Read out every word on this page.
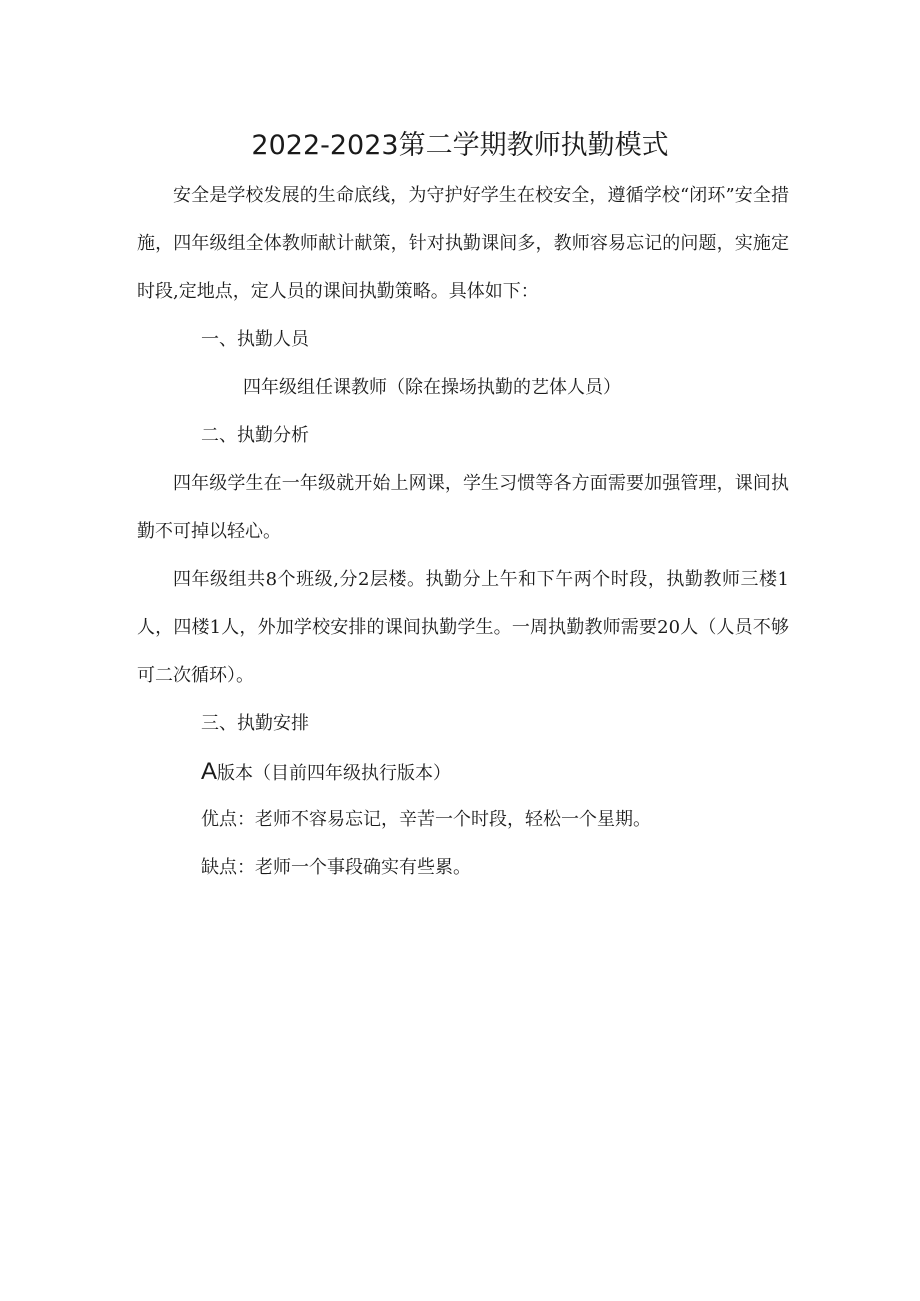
2022-2023第二学期教师执勤模式

安全是学校发展的生命底线，为守护好学生在校安全，遵循学校“闭环”安全措施，四年级组全体教师献计献策，针对执勤课间多，教师容易忘记的问题，实施定时段,定地点，定人员的课间执勤策略。具体如下：

一、执勤人员

四年级组任课教师（除在操场执勤的艺体人员）

二、执勤分析

四年级学生在一年级就开始上网课，学生习惯等各方面需要加强管理，课间执勤不可掉以轻心。

四年级组共8个班级,分2层楼。执勤分上午和下午两个时段，执勤教师三楼1人，四楼1人，外加学校安排的课间执勤学生。一周执勤教师需要20人（人员不够可二次循环）。

三、执勤安排

A版本（目前四年级执行版本）

优点：老师不容易忘记，辛苦一个时段，轻松一个星期。

缺点：老师一个事段确实有些累。
